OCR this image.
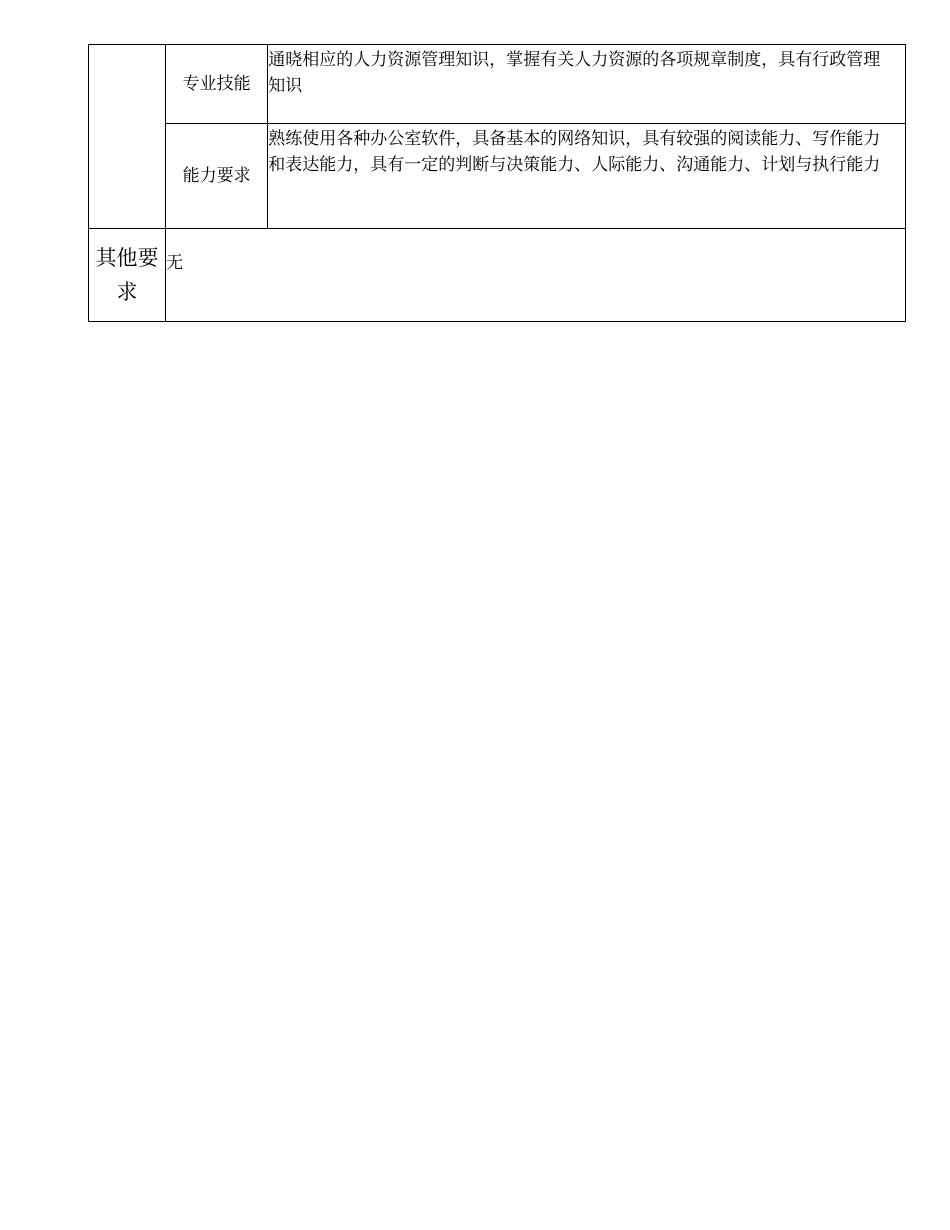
	专业技能	通晓相应的人力资源管理知识，掌握有关人力资源的各项规章制度，具有行政管理知识
	能力要求	熟练使用各种办公室软件，具备基本的网络知识，具有较强的阅读能力、写作能力和表达能力，具有一定的判断与决策能力、人际能力、沟通能力、计划与执行能力
其他要求	无	
